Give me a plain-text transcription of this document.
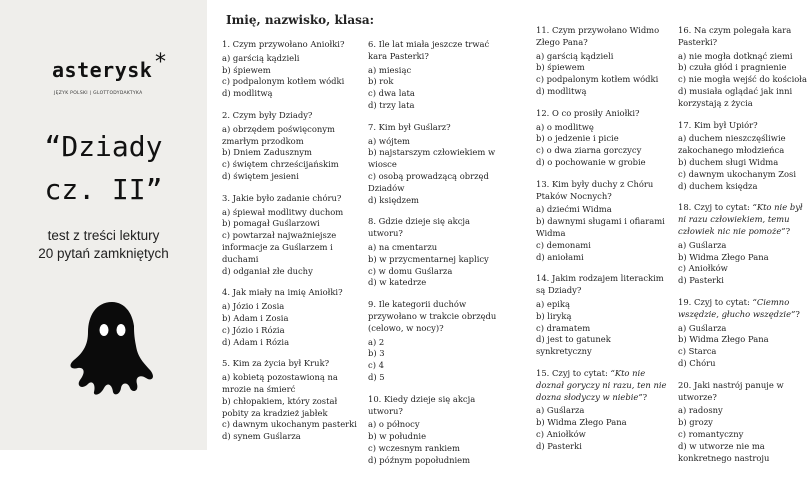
asterysk *
JĘZYK POLSKI | GLOTTODYDAKTYKA
“Dziady
cz. II”
test z treści lektury
20 pytań zamkniętych
Imię, nazwisko, klasa:
1. Czym przywołano Aniołki?
a) garścią kądzieli
b) śpiewem
c) podpalonym kotłem wódki
d) modlitwą
2. Czym były Dziady?
a) obrzędem poświęconym zmarłym przodkom
b) Dniem Zadusznym
c) świętem chrześcijańskim
d) świętem jesieni
3. Jakie było zadanie chóru?
a) śpiewał modlitwy duchom
b) pomagał Guślarzowi
c) powtarzał najważniejsze informacje za Guślarzem i duchami
d) odganiał złe duchy
4. Jak miały na imię Aniołki?
a) Józio i Zosia
b) Adam i Zosia
c) Józio i Rózia
d) Adam i Rózia
5. Kim za życia był Kruk?
a) kobietą pozostawioną na mrozie na śmierć
b) chłopakiem, który został pobity za kradzież jabłek
c) dawnym ukochanym pasterki
d) synem Guślarza
6. Ile lat miała jeszcze trwać kara Pasterki?
a) miesiąc
b) rok
c) dwa lata
d) trzy lata
7. Kim był Guślarz?
a) wójtem
b) najstarszym człowiekiem w wiosce
c) osobą prowadzącą obrzęd Dziadów
d) księdzem
8. Gdzie dzieje się akcja utworu?
a) na cmentarzu
b) w przycmentarnej kaplicy
c) w domu Guślarza
d) w katedrze
9. Ile kategorii duchów przywołano w trakcie obrzędu (celowo, w nocy)?
a) 2
b) 3
c) 4
d) 5
10. Kiedy dzieje się akcja utworu?
a) o północy
b) w południe
c) wczesnym rankiem
d) późnym popołudniem
11. Czym przywołano Widmo Złego Pana?
a) garścią kądzieli
b) śpiewem
c) podpalonym kotłem wódki
d) modlitwą
12. O co prosiły Aniołki?
a) o modlitwę
b) o jedzenie i picie
c) o dwa ziarna gorczycy
d) o pochowanie w grobie
13. Kim były duchy z Chóru Ptaków Nocnych?
a) dziećmi Widma
b) dawnymi sługami i ofiarami Widma
c) demonami
d) aniołami
14. Jakim rodzajem literackim są Dziady?
a) epiką
b) liryką
c) dramatem
d) jest to gatunek synkretyczny
15. Czyj to cytat: “Kto nie doznał goryczy ni razu, ten nie dozna słodyczy w niebie”?
a) Guślarza
b) Widma Złego Pana
c) Aniołków
d) Pasterki
16. Na czym polegała kara Pasterki?
a) nie mogła dotknąć ziemi
b) czuła głód i pragnienie
c) nie mogła wejść do kościoła
d) musiała oglądać jak inni korzystają z życia
17. Kim był Upiór?
a) duchem nieszczęśliwie zakochanego młodzieńca
b) duchem sługi Widma
c) dawnym ukochanym Zosi
d) duchem księdza
18. Czyj to cytat: “Kto nie był ni razu człowiekiem, temu człowiek nic nie pomoże”?
a) Guślarza
b) Widma Złego Pana
c) Aniołków
d) Pasterki
19. Czyj to cytat: “Ciemno wszędzie, głucho wszędzie”?
a) Guślarza
b) Widma Złego Pana
c) Starca
d) Chóru
20. Jaki nastrój panuje w utworze?
a) radosny
b) grozy
c) romantyczny
d) w utworze nie ma konkretnego nastroju
